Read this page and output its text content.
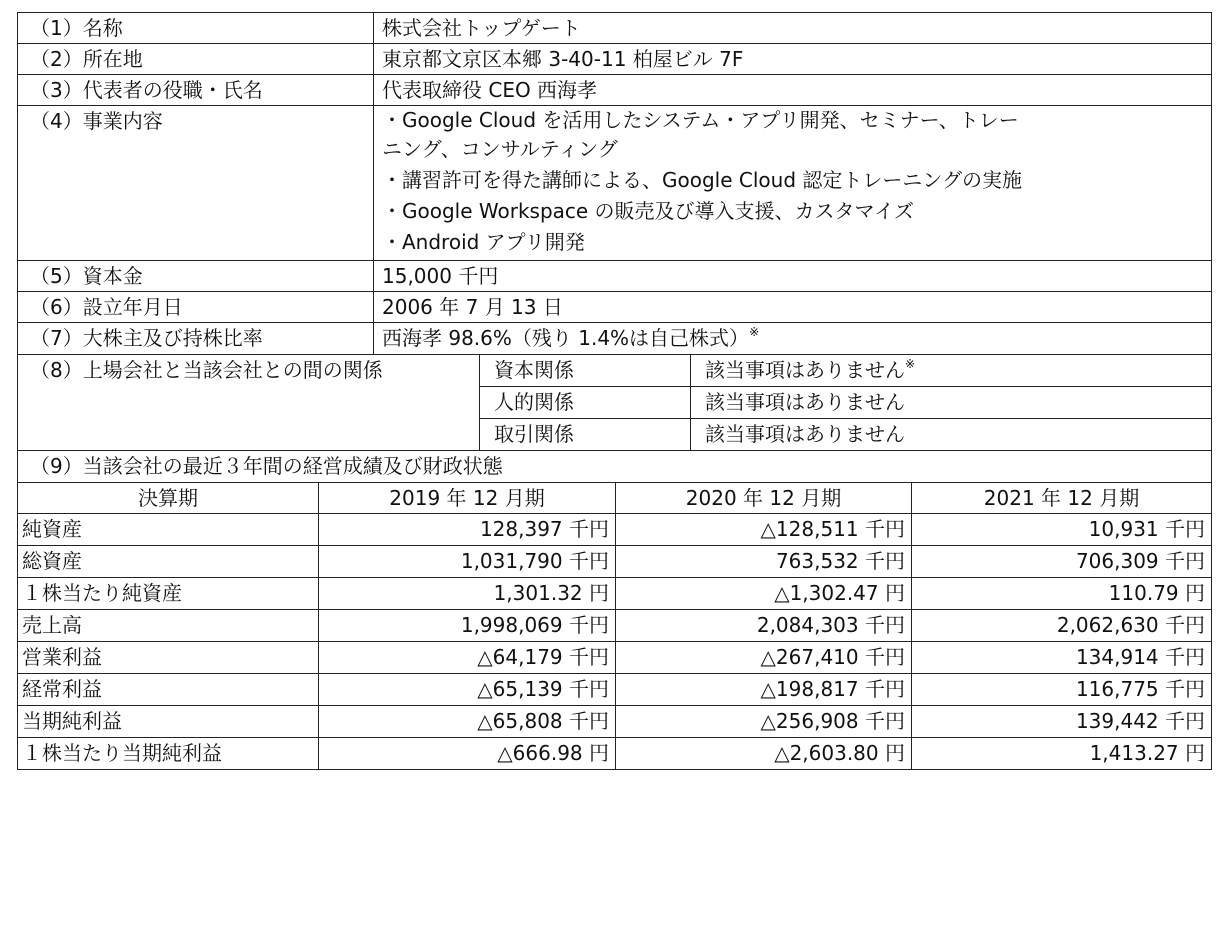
（1）名称	株式会社トップゲート		
（2）所在地	東京都文京区本郷 3-40-11 柏屋ビル 7F		
（3）代表者の役職・氏名	代表取締役 CEO 西海孝		
（4）事業内容	・Google Cloud を活用したシステム・アプリ開発、セミナー、トレー
ニング、コンサルティング
・講習許可を得た講師による、Google Cloud 認定トレーニングの実施
・Google Workspace の販売及び導入支援、カスタマイズ
・Android アプリ開発		

（5）資本金	15,000 千円		
（6）設立年月日	2006 年 7 月 13 日		
（7）大株主及び持株比率	西海孝 98.6%（残り 1.4%は自己株式）※
（8）上場会社と当該会社との間の関係		資本関係	該当事項はありません※
		人的関係	該当事項はありません
		取引関係	該当事項はありません
（9）当該会社の最近３年間の経営成績及び財政状態			
決算期	2019 年 12 月期	2020 年 12 月期	2021 年 12 月期
純資産	128,397 千円	△128,511 千円	10,931 千円
総資産	1,031,790 千円	763,532 千円	706,309 千円
１株当たり純資産	1,301.32 円	△1,302.47 円	110.79 円
売上高	1,998,069 千円	2,084,303 千円	2,062,630 千円
営業利益	△64,179 千円	△267,410 千円	134,914 千円
経常利益	△65,139 千円	△198,817 千円	116,775 千円
当期純利益	△65,808 千円	△256,908 千円	139,442 千円
１株当たり当期純利益	△666.98 円	△2,603.80 円	1,413.27 円
